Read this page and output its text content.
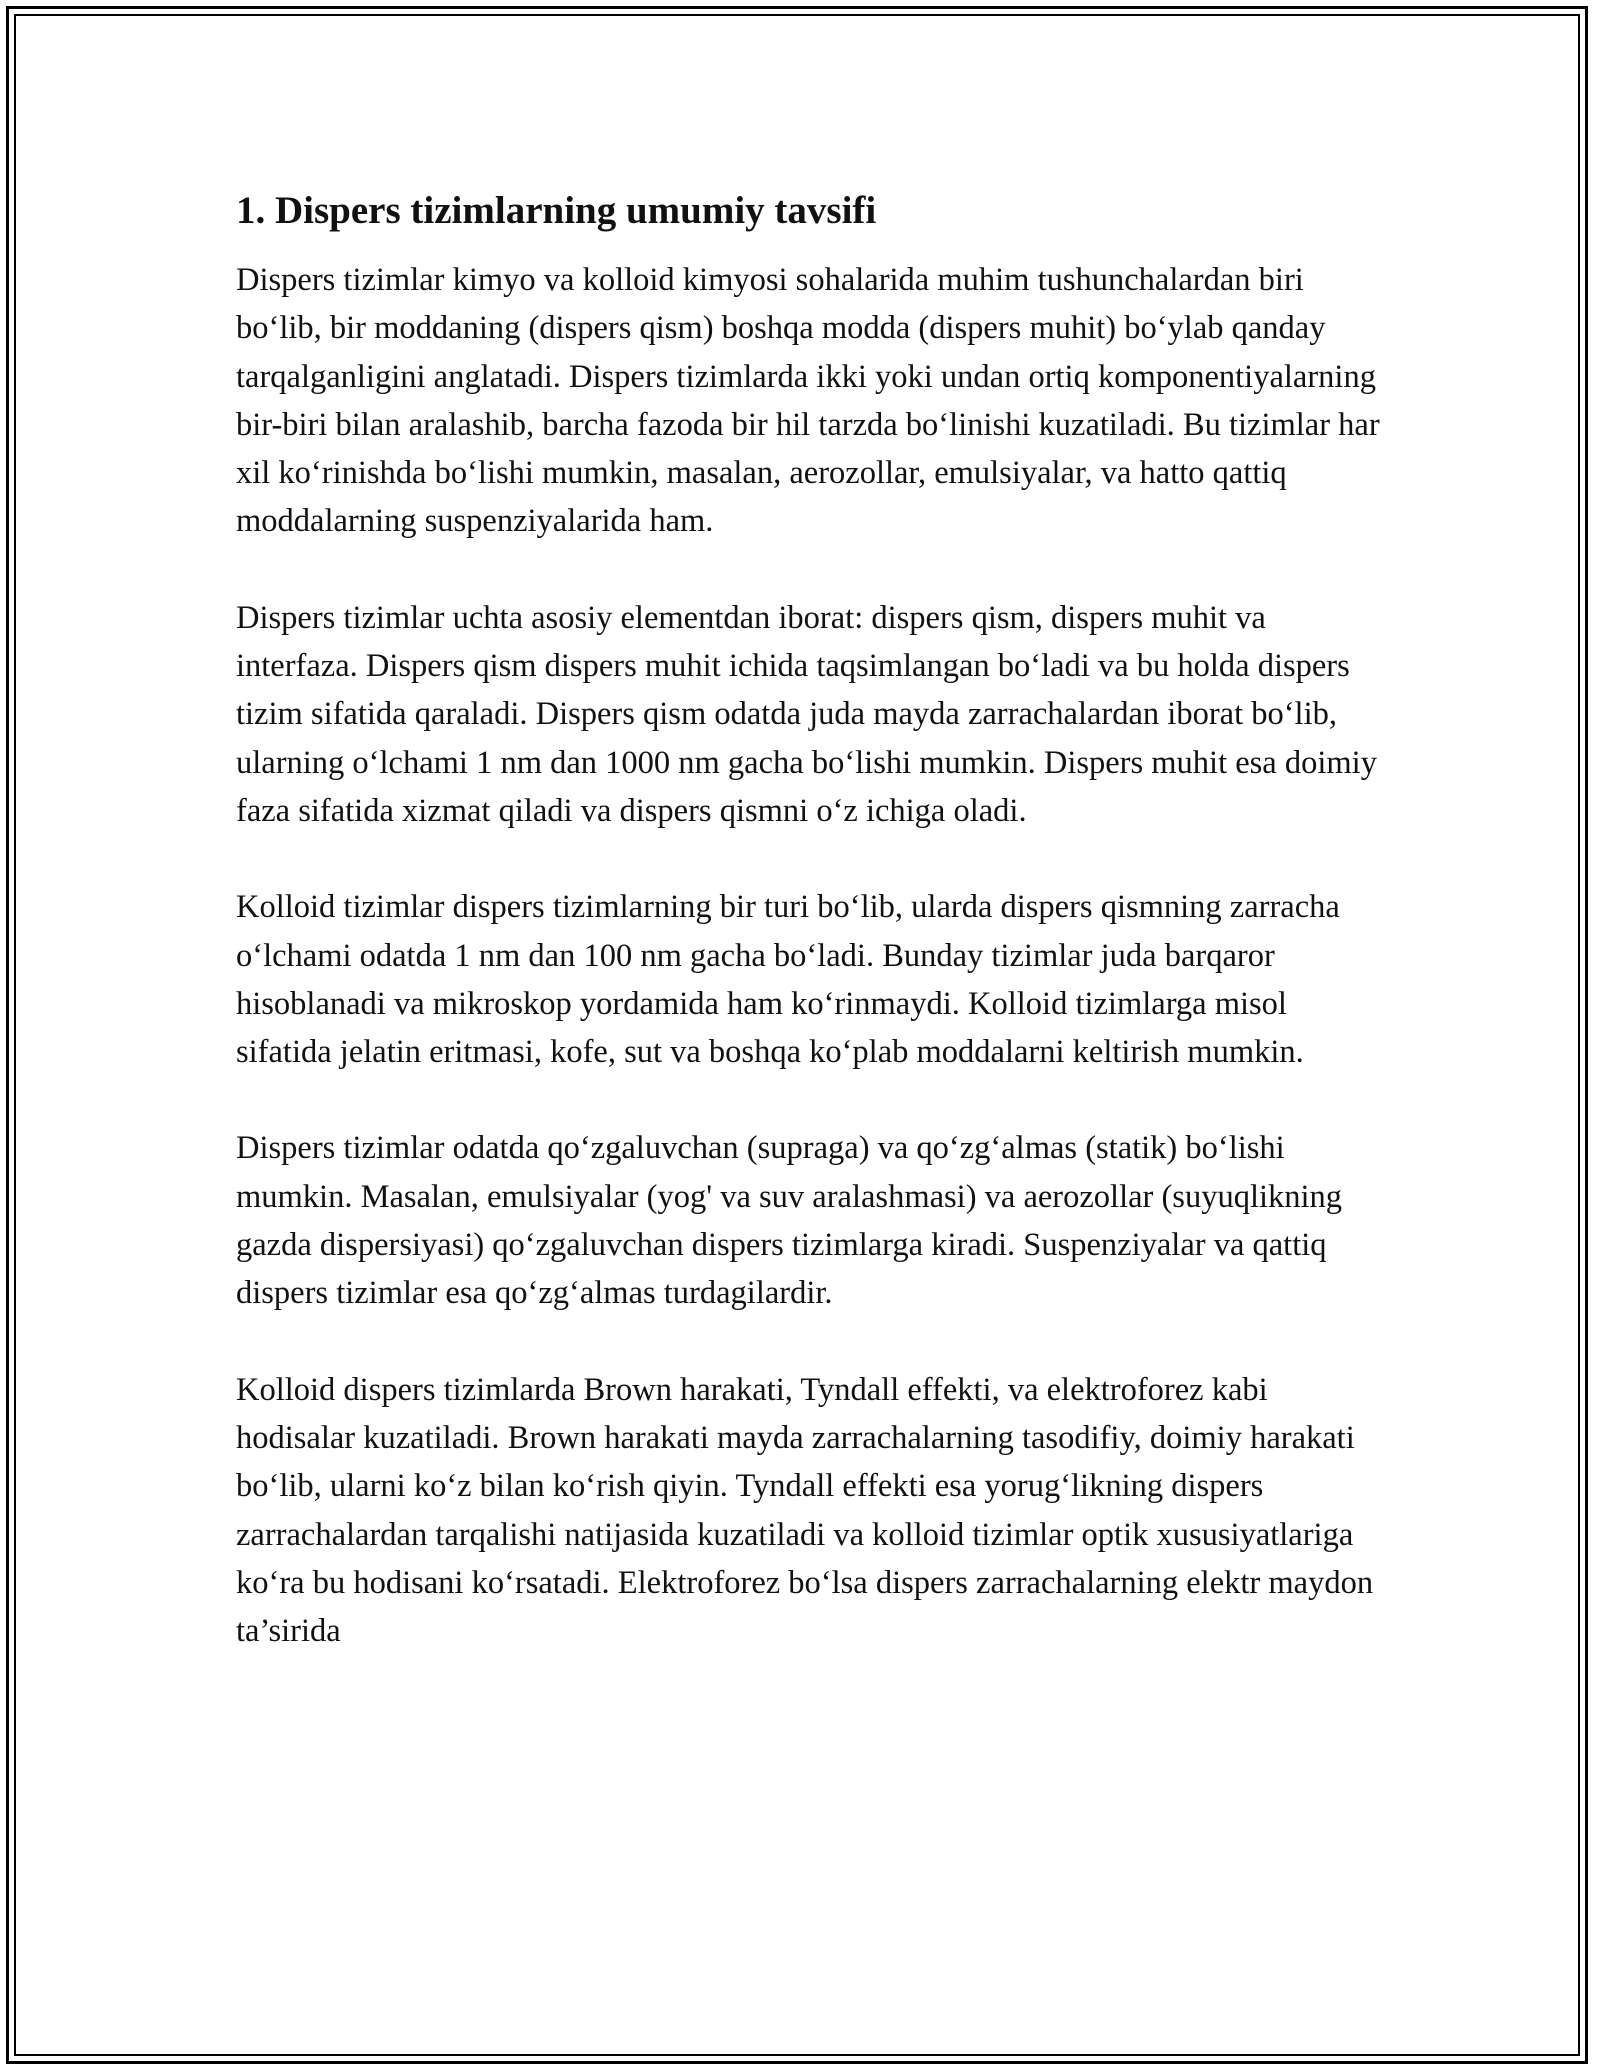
1. Dispers tizimlarning umumiy tavsifi

Dispers tizimlar kimyo va kolloid kimyosi sohalarida muhim tushunchalardan biri bo‘lib, bir moddaning (dispers qism) boshqa modda (dispers muhit) bo‘ylab qanday tarqalganligini anglatadi. Dispers tizimlarda ikki yoki undan ortiq komponentiyalarning bir-biri bilan aralashib, barcha fazoda bir hil tarzda bo‘linishi kuzatiladi. Bu tizimlar har xil ko‘rinishda bo‘lishi mumkin, masalan, aerozollar, emulsiyalar, va hatto qattiq moddalarning suspenziyalarida ham.

Dispers tizimlar uchta asosiy elementdan iborat: dispers qism, dispers muhit va interfaza. Dispers qism dispers muhit ichida taqsimlangan bo‘ladi va bu holda dispers tizim sifatida qaraladi. Dispers qism odatda juda mayda zarrachalardan iborat bo‘lib, ularning o‘lchami 1 nm dan 1000 nm gacha bo‘lishi mumkin. Dispers muhit esa doimiy faza sifatida xizmat qiladi va dispers qismni o‘z ichiga oladi.

Kolloid tizimlar dispers tizimlarning bir turi bo‘lib, ularda dispers qismning zarracha o‘lchami odatda 1 nm dan 100 nm gacha bo‘ladi. Bunday tizimlar juda barqaror hisoblanadi va mikroskop yordamida ham ko‘rinmaydi. Kolloid tizimlarga misol sifatida jelatin eritmasi, kofe, sut va boshqa ko‘plab moddalarni keltirish mumkin.

Dispers tizimlar odatda qo‘zgaluvchan (supraga) va qo‘zg‘almas (statik) bo‘lishi mumkin. Masalan, emulsiyalar (yog' va suv aralashmasi) va aerozollar (suyuqlikning gazda dispersiyasi) qo‘zgaluvchan dispers tizimlarga kiradi. Suspenziyalar va qattiq dispers tizimlar esa qo‘zg‘almas turdagilardir.

Kolloid dispers tizimlarda Brown harakati, Tyndall effekti, va elektroforez kabi hodisalar kuzatiladi. Brown harakati mayda zarrachalarning tasodifiy, doimiy harakati bo‘lib, ularni ko‘z bilan ko‘rish qiyin. Tyndall effekti esa yorug‘likning dispers zarrachalardan tarqalishi natijasida kuzatiladi va kolloid tizimlar optik xususiyatlariga ko‘ra bu hodisani ko‘rsatadi. Elektroforez bo‘lsa dispers zarrachalarning elektr maydon ta’sirida
